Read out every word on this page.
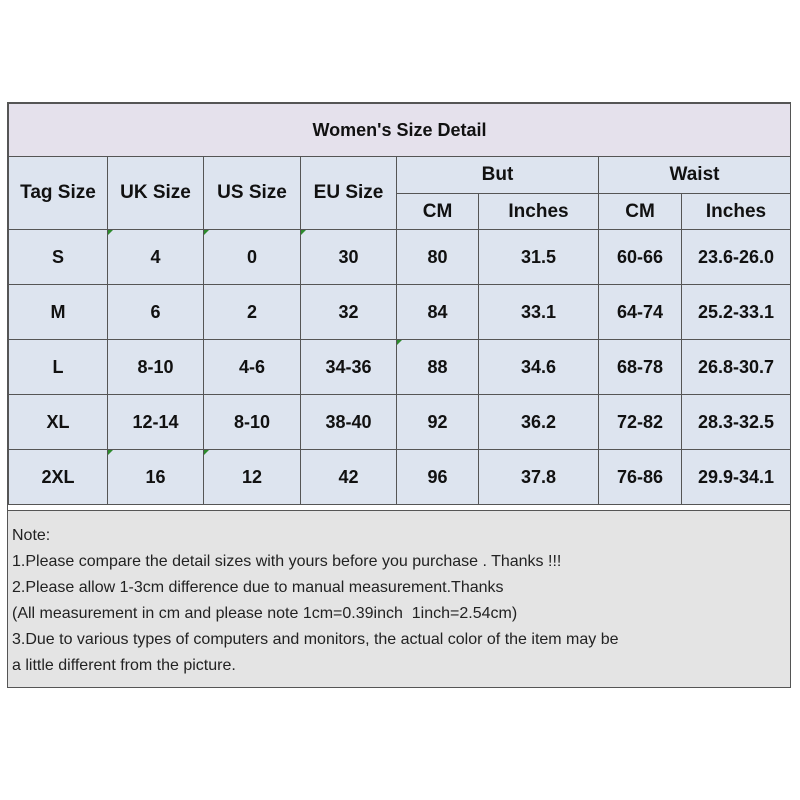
Women's Size Detail							
Tag Size	UK Size	US Size	EU Size	But		Waist	
				CM	Inches	CM	Inches
S	4	0	30	80	31.5	60-66	23.6-26.0
M	6	2	32	84	33.1	64-74	25.2-33.1
L	8-10	4-6	34-36	88	34.6	68-78	26.8-30.7
XL	12-14	8-10	38-40	92	36.2	72-82	28.3-32.5
2XL	16	12	42	96	37.8	76-86	29.9-34.1
Note:
1.Please compare the detail sizes with yours before you purchase . Thanks !!!
2.Please allow 1-3cm difference due to manual measurement.Thanks
(All measurement in cm and please note 1cm=0.39inch  1inch=2.54cm)
3.Due to various types of computers and monitors, the actual color of the item may be
a little different from the picture.
